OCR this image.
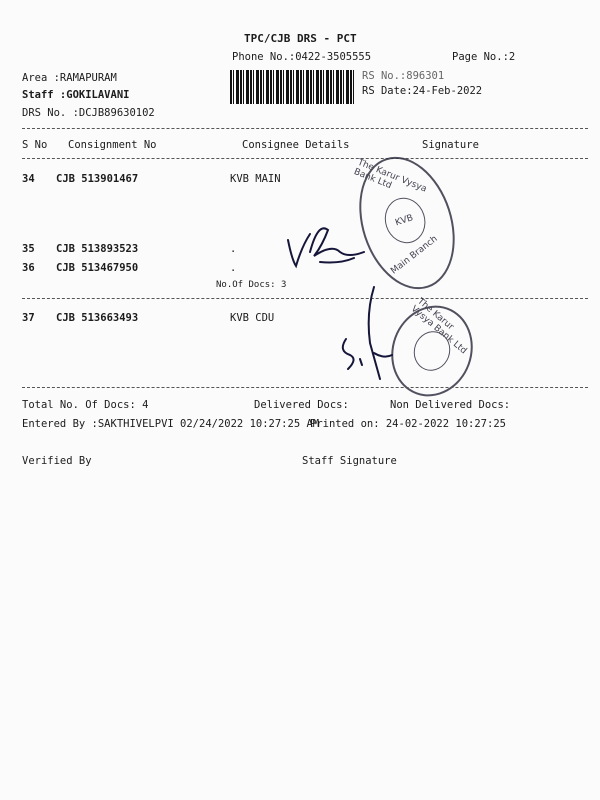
TPC/CJB DRS - PCT
Phone No.:0422-3505555	Page No.:2
Area :RAMAPURAM
Staff :GOKILAVANI
DRS No. :DCJB89630102
RS No.:896301
RS Date:24-Feb-2022
S No Consignment No	Consignee Details	Signature
34 CJB 513901467	KVB MAIN
35 CJB 513893523	.
36 CJB 513467950	.
No.Of Docs: 3
37 CJB 513663493	KVB CDU
The Karur Vysya Bank Ltd
KVB
Main Branch
The Karur Vysya Bank Ltd
Total No. Of Docs: 4	Delivered Docs:	Non Delivered Docs:
Entered By :SAKTHIVELPVI 02/24/2022 10:27:25 AM
Printed on: 24-02-2022 10:27:25
Verified By	Staff Signature
